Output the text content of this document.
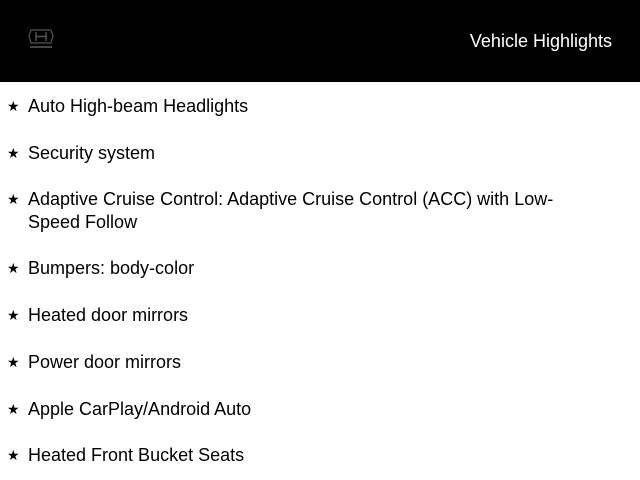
Vehicle Highlights
★ Auto High-beam Headlights
★ Security system
★ Adaptive Cruise Control: Adaptive Cruise Control (ACC) with Low-Speed Follow
★ Bumpers: body-color
★ Heated door mirrors
★ Power door mirrors
★ Apple CarPlay/Android Auto
★ Heated Front Bucket Seats
